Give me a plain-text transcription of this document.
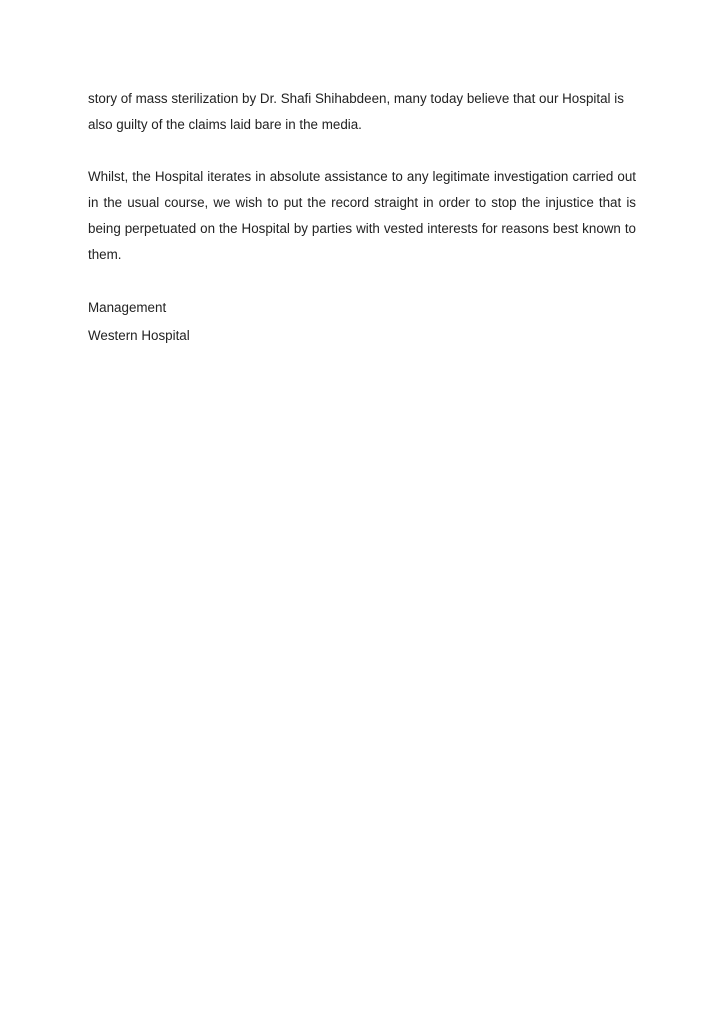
story of mass sterilization by Dr. Shafi Shihabdeen, many today believe that our Hospital is also guilty of the claims laid bare in the media.

Whilst, the Hospital iterates in absolute assistance to any legitimate investigation carried out in the usual course, we wish to put the record straight in order to stop the injustice that is being perpetuated on the Hospital by parties with vested interests for reasons best known to them.

Management
Western Hospital
